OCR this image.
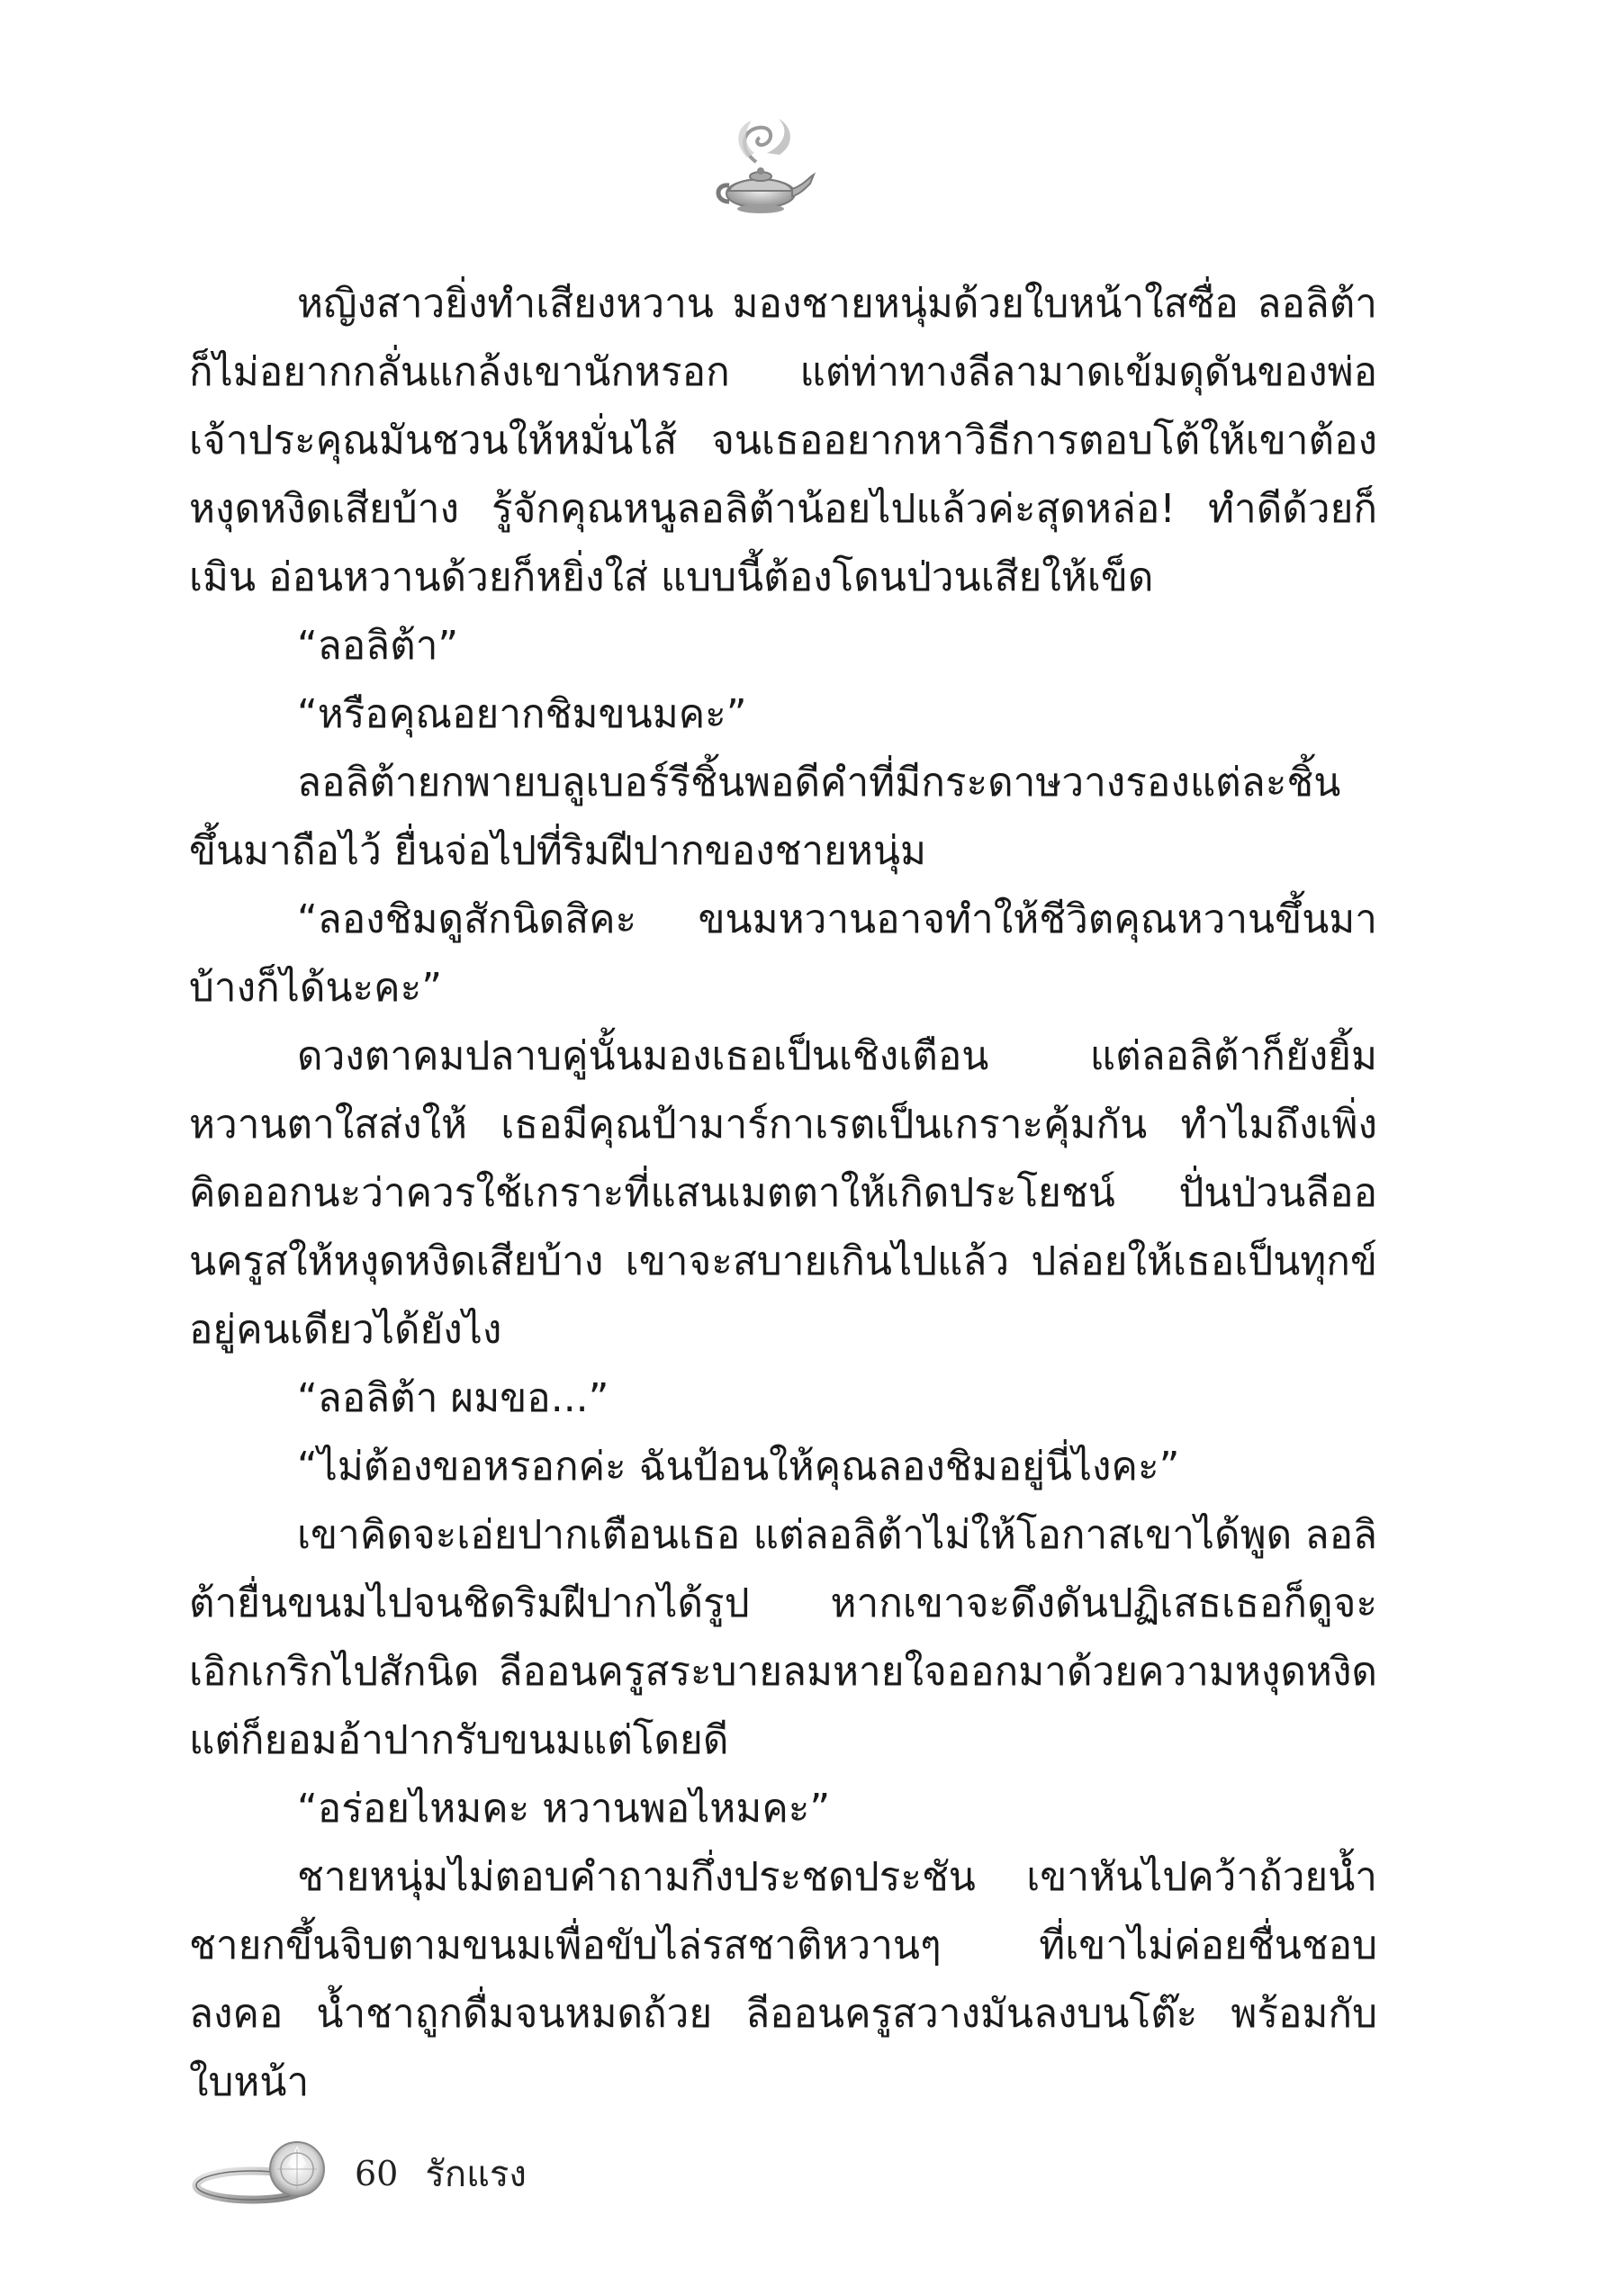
หญิงสาวยิ่งทำเสียงหวาน มองชายหนุ่มด้วยใบหน้าใสซื่อ ลอลิต้าก็ไม่อยากกลั่นแกล้งเขานักหรอก แต่ท่าทางลีลามาดเข้มดุดันของพ่อเจ้าประคุณมันชวนให้หมั่นไส้ จนเธออยากหาวิธีการตอบโต้ให้เขาต้องหงุดหงิดเสียบ้าง รู้จักคุณหนูลอลิต้าน้อยไปแล้วค่ะสุดหล่อ! ทำดีด้วยก็เมิน อ่อนหวานด้วยก็หยิ่งใส่ แบบนี้ต้องโดนป่วนเสียให้เข็ด

“ลอลิต้า”

“หรือคุณอยากชิมขนมคะ”

ลอลิต้ายกพายบลูเบอร์รีชิ้นพอดีคำที่มีกระดาษวางรองแต่ละชิ้นขึ้นมาถือไว้ ยื่นจ่อไปที่ริมฝีปากของชายหนุ่ม

“ลองชิมดูสักนิดสิคะ ขนมหวานอาจทำให้ชีวิตคุณหวานขึ้นมาบ้างก็ได้นะคะ”

ดวงตาคมปลาบคู่นั้นมองเธอเป็นเชิงเตือน แต่ลอลิต้าก็ยังยิ้มหวานตาใสส่งให้ เธอมีคุณป้ามาร์กาเรตเป็นเกราะคุ้มกัน ทำไมถึงเพิ่งคิดออกนะว่าควรใช้เกราะที่แสนเมตตาให้เกิดประโยชน์ ปั่นป่วนลีออนครูสให้หงุดหงิดเสียบ้าง เขาจะสบายเกินไปแล้ว ปล่อยให้เธอเป็นทุกข์อยู่คนเดียวได้ยังไง

“ลอลิต้า ผมขอ...”

“ไม่ต้องขอหรอกค่ะ ฉันป้อนให้คุณลองชิมอยู่นี่ไงคะ”

เขาคิดจะเอ่ยปากเตือนเธอ แต่ลอลิต้าไม่ให้โอกาสเขาได้พูด ลอลิต้ายื่นขนมไปจนชิดริมฝีปากได้รูป หากเขาจะดึงดันปฏิเสธเธอก็ดูจะเอิกเกริกไปสักนิด ลีออนครูสระบายลมหายใจออกมาด้วยความหงุดหงิด แต่ก็ยอมอ้าปากรับขนมแต่โดยดี

“อร่อยไหมคะ หวานพอไหมคะ”

ชายหนุ่มไม่ตอบคำถามกึ่งประชดประชัน เขาหันไปคว้าถ้วยน้ำชายกขึ้นจิบตามขนมเพื่อขับไล่รสชาติหวานๆ ที่เขาไม่ค่อยชื่นชอบลงคอ น้ำชาถูกดื่มจนหมดถ้วย ลีออนครูสวางมันลงบนโต๊ะ พร้อมกับใบหน้า

60 รักแรง
